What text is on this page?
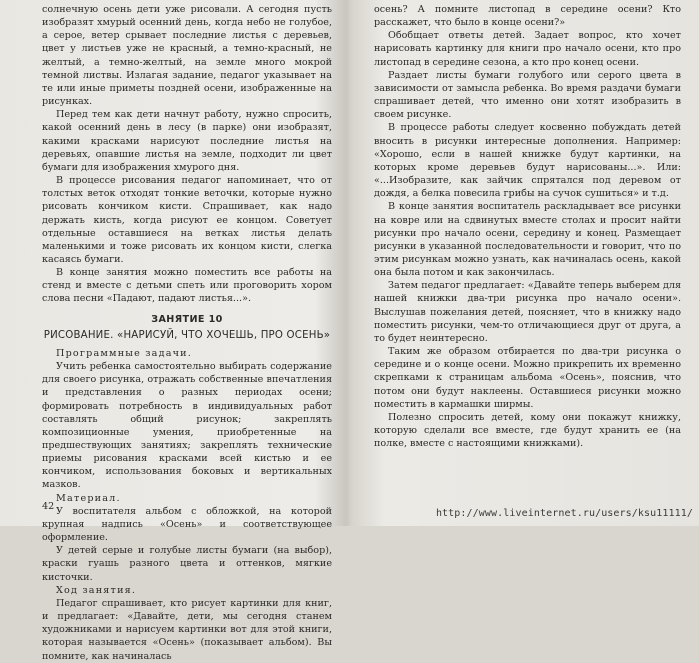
солнечную осень дети уже рисовали. А сегодня пусть изобразят хмурый осенний день, когда небо не голубое, а серое, ветер срывает последние листья с деревьев, цвет у листьев уже не красный, а темно-красный, не желтый, а темно-желтый, на земле много мокрой темной листвы. Излагая задание, педагог указывает на те или иные приметы поздней осени, изображенные на рисунках.

Перед тем как дети начнут работу, нужно спросить, какой осенний день в лесу (в парке) они изобразят, какими красками нарисуют последние листья на деревьях, опавшие листья на земле, подходит ли цвет бумаги для изображения хмурого дня.

В процессе рисования педагог напоминает, что от толстых веток отходят тонкие веточки, которые нужно рисовать кончиком кисти. Спрашивает, как надо держать кисть, когда рисуют ее концом. Советует отдельные оставшиеся на ветках листья делать маленькими и тоже рисовать их концом кисти, слегка касаясь бумаги.

В конце занятия можно поместить все работы на стенд и вместе с детьми спеть или проговорить хором слова песни «Падают, падают листья...».

ЗАНЯТИЕ 10
РИСОВАНИЕ. «НАРИСУЙ, ЧТО ХОЧЕШЬ, ПРО ОСЕНЬ»

Программные задачи.

Учить ребенка самостоятельно выбирать содержание для своего рисунка, отражать собственные впечатления и представления о разных периодах осени; формировать потребность в индивидуальных работ составлять общий рисунок; закреплять композиционные умения, приобретенные на предшествующих занятиях; закреплять технические приемы рисования красками всей кистью и ее кончиком, использования боковых и вертикальных мазков.

Материал.

У воспитателя альбом с обложкой, на которой крупная надпись «Осень» и соответствующее оформление.

У детей серые и голубые листы бумаги (на выбор), краски гуашь разного цвета и оттенков, мягкие кисточки.

Ход занятия.

Педагог спрашивает, кто рисует картинки для книг, и предлагает: «Давайте, дети, мы сегодня станем художниками и нарисуем картинки вот для этой книги, которая называется «Осень» (показывает альбом). Вы помните, как начиналась

42

осень? А помните листопад в середине осени? Кто расскажет, что было в конце осени?»

Обобщает ответы детей. Задает вопрос, кто хочет нарисовать картинку для книги про начало осени, кто про листопад в середине сезона, а кто про конец осени.

Раздает листы бумаги голубого или серого цвета в зависимости от замысла ребенка. Во время раздачи бумаги спрашивает детей, что именно они хотят изобразить в своем рисунке.

В процессе работы следует косвенно побуждать детей вносить в рисунки интересные дополнения. Например: «Хорошо, если в нашей книжке будут картинки, на которых кроме деревьев будут нарисованы...». Или: «...Изобразите, как зайчик спрятался под деревом от дождя, а белка повесила грибы на сучок сушиться» и т.д.

В конце занятия воспитатель раскладывает все рисунки на ковре или на сдвинутых вместе столах и просит найти рисунки про начало осени, середину и конец. Размещает рисунки в указанной последовательности и говорит, что по этим рисункам можно узнать, как начиналась осень, какой она была потом и как закончилась.

Затем педагог предлагает: «Давайте теперь выберем для нашей книжки два-три рисунка про начало осени». Выслушав пожелания детей, поясняет, что в книжку надо поместить рисунки, чем-то отличающиеся друг от друга, а то будет неинтересно.

Таким же образом отбирается по два-три рисунка о середине и о конце осени. Можно прикрепить их временно скрепками к страницам альбома «Осень», пояснив, что потом они будут наклеены. Оставшиеся рисунки можно поместить в кармашки ширмы.

Полезно спросить детей, кому они покажут книжку, которую сделали все вместе, где будут хранить ее (на полке, вместе с настоящими книжками).

http://www.liveinternet.ru/users/ksu11111/
